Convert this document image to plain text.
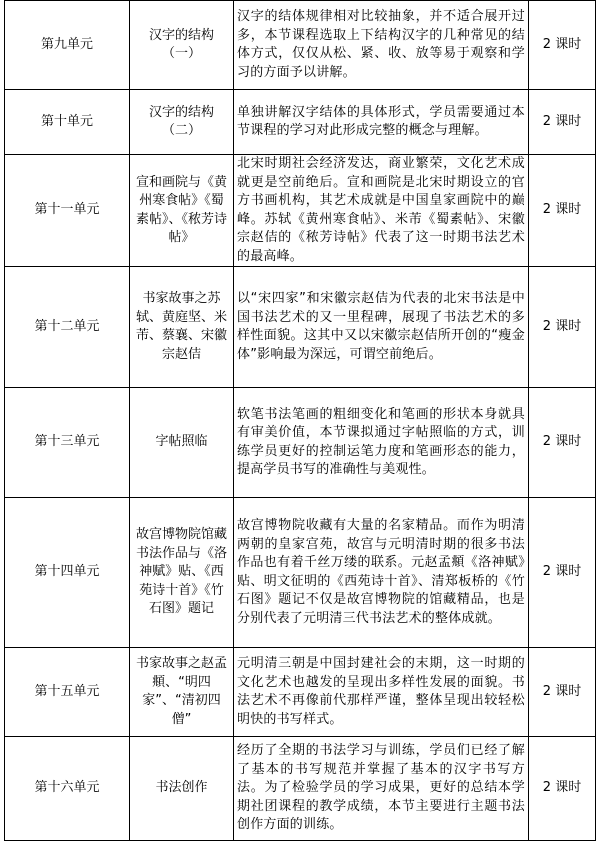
第九单元	汉字的结构（一）	汉字的结体规律相对比较抽象，并不适合展开过多，本节课程选取上下结构汉字的几种常见的结体方式，仅仅从松、紧、收、放等易于观察和学习的方面予以讲解。	2 课时
第十单元	汉字的结构（二）	单独讲解汉字结体的具体形式，学员需要通过本节课程的学习对此形成完整的概念与理解。	2 课时
第十一单元	宣和画院与《黄州寒食帖》《蜀素帖》、《秾芳诗帖》	北宋时期社会经济发达，商业繁荣，文化艺术成就更是空前绝后。宣和画院是北宋时期设立的官方书画机构，其艺术成就是中国皇家画院中的巅峰。苏轼《黄州寒食帖》、米芾《蜀素帖》、宋徽宗赵佶的《秾芳诗帖》代表了这一时期书法艺术的最高峰。	2 课时
第十二单元	书家故事之苏轼、黄庭坚、米芾、蔡襄、宋徽宗赵佶	以“宋四家”和宋徽宗赵佶为代表的北宋书法是中国书法艺术的又一里程碑，展现了书法艺术的多样性面貌。这其中又以宋徽宗赵佶所开创的“瘦金体”影响最为深远，可谓空前绝后。	2 课时
第十三单元	字帖照临	软笔书法笔画的粗细变化和笔画的形状本身就具有审美价值，本节课拟通过字帖照临的方式，训练学员更好的控制运笔力度和笔画形态的能力，提高学员书写的准确性与美观性。	2 课时
第十四单元	故宫博物院馆藏书法作品与《洛神赋》贴、《西苑诗十首》《竹石图》题记	故宫博物院收藏有大量的名家精品。而作为明清两朝的皇家宫苑，故宫与元明清时期的很多书法作品也有着千丝万缕的联系。元赵孟頫《洛神赋》贴、明文征明的《西苑诗十首》、清郑板桥的《竹石图》题记不仅是故宫博物院的馆藏精品，也是分别代表了元明清三代书法艺术的整体成就。	2 课时
第十五单元	书家故事之赵孟頫、“明四家”、“清初四僧”	元明清三朝是中国封建社会的末期，这一时期的文化艺术也越发的呈现出多样性发展的面貌。书法艺术不再像前代那样严谨，整体呈现出较轻松明快的书写样式。	2 课时
第十六单元	书法创作	经历了全期的书法学习与训练，学员们已经了解了基本的书写规范并掌握了基本的汉字书写方法。为了检验学员的学习成果，更好的总结本学期社团课程的教学成绩，本节主要进行主题书法创作方面的训练。	2 课时
